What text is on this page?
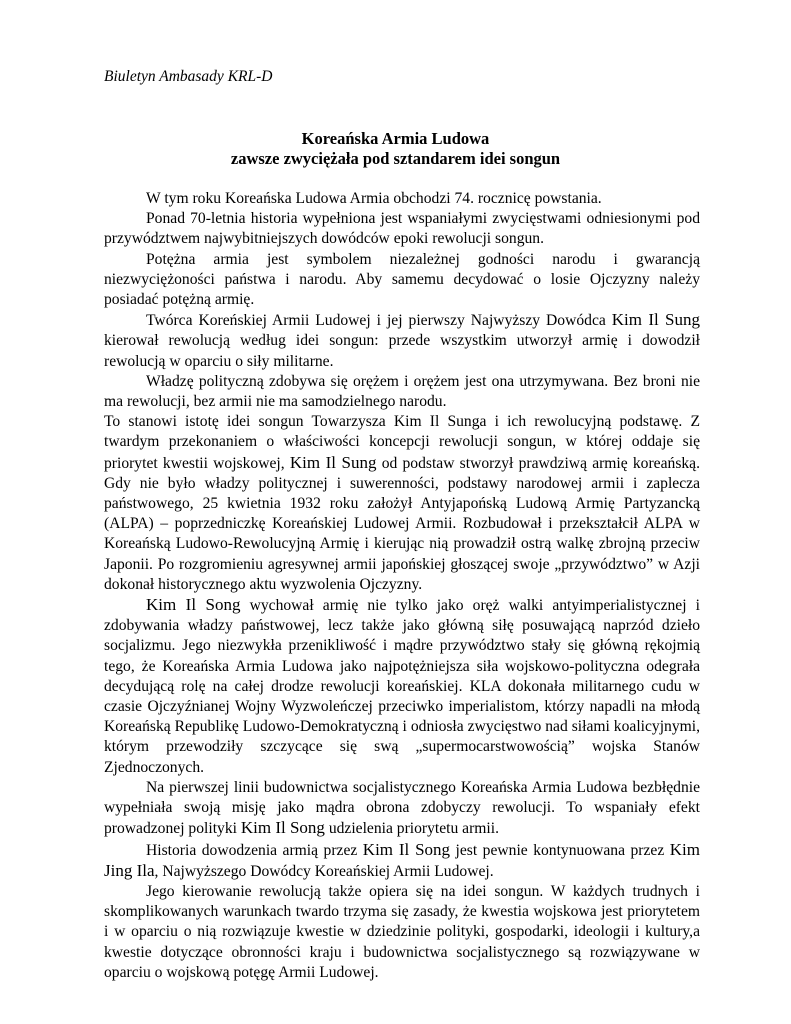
Biuletyn Ambasady KRL-D
Koreańska Armia Ludowa
zawsze zwyciężała pod sztandarem idei songun

W tym roku Koreańska Ludowa Armia obchodzi 74. rocznicę powstania.

Ponad 70-letnia historia wypełniona jest wspaniałymi zwycięstwami odniesionymi pod przywództwem najwybitniejszych dowódców epoki rewolucji songun.

Potężna armia jest symbolem niezależnej godności narodu i gwarancją niezwyciężoności państwa i narodu. Aby samemu decydować o losie Ojczyzny należy posiadać potężną armię.

Twórca Koreńskiej Armii Ludowej i jej pierwszy Najwyższy Dowódca Kim Il Sung kierował rewolucją według idei songun: przede wszystkim utworzył armię i dowodził rewolucją w oparciu o siły militarne.

Władzę polityczną zdobywa się orężem i orężem jest ona utrzymywana. Bez broni nie ma rewolucji, bez armii nie ma samodzielnego narodu.

To stanowi istotę idei songun Towarzysza Kim Il Sunga i ich rewolucyjną podstawę. Z twardym przekonaniem o właściwości koncepcji rewolucji songun, w której oddaje się priorytet kwestii wojskowej, Kim Il Sung od podstaw stworzył prawdziwą armię koreańską. Gdy nie było władzy politycznej i suwerenności, podstawy narodowej armii i zaplecza państwowego, 25 kwietnia 1932 roku założył Antyjapońską Ludową Armię Partyzancką (ALPA) – poprzedniczkę Koreańskiej Ludowej Armii. Rozbudował i przekształcił ALPA w Koreańską Ludowo-Rewolucyjną Armię i kierując nią prowadził ostrą walkę zbrojną przeciw Japonii. Po rozgromieniu agresywnej armii japońskiej głoszącej swoje „przywództwo” w Azji dokonał historycznego aktu wyzwolenia Ojczyzny.

Kim Il Song wychował armię nie tylko jako oręż walki antyimperialistycznej i zdobywania władzy państwowej, lecz także jako główną siłę posuwającą naprzód dzieło socjalizmu. Jego niezwykła przenikliwość i mądre przywództwo stały się główną rękojmią tego, że Koreańska Armia Ludowa jako najpotężniejsza siła wojskowo-polityczna odegrała decydującą rolę na całej drodze rewolucji koreańskiej. KLA dokonała militarnego cudu w czasie Ojczyźnianej Wojny Wyzwoleńczej przeciwko imperialistom, którzy napadli na młodą Koreańską Republikę Ludowo-Demokratyczną i odniosła zwycięstwo nad siłami koalicyjnymi, którym przewodziły szczycące się swą „supermocarstwowością” wojska Stanów Zjednoczonych.

Na pierwszej linii budownictwa socjalistycznego Koreańska Armia Ludowa bezbłędnie wypełniała swoją misję jako mądra obrona zdobyczy rewolucji. To wspaniały efekt prowadzonej polityki Kim Il Song udzielenia priorytetu armii.

Historia dowodzenia armią przez Kim Il Song jest pewnie kontynuowana przez Kim Jing Ila, Najwyższego Dowódcy Koreańskiej Armii Ludowej.

Jego kierowanie rewolucją także opiera się na idei songun. W każdych trudnych i skomplikowanych warunkach twardo trzyma się zasady, że kwestia wojskowa jest priorytetem i w oparciu o nią rozwiązuje kwestie w dziedzinie polityki, gospodarki, ideologii i kultury,a kwestie dotyczące obronności kraju i budownictwa socjalistycznego są rozwiązywane w oparciu o wojskową potęgę Armii Ludowej.
